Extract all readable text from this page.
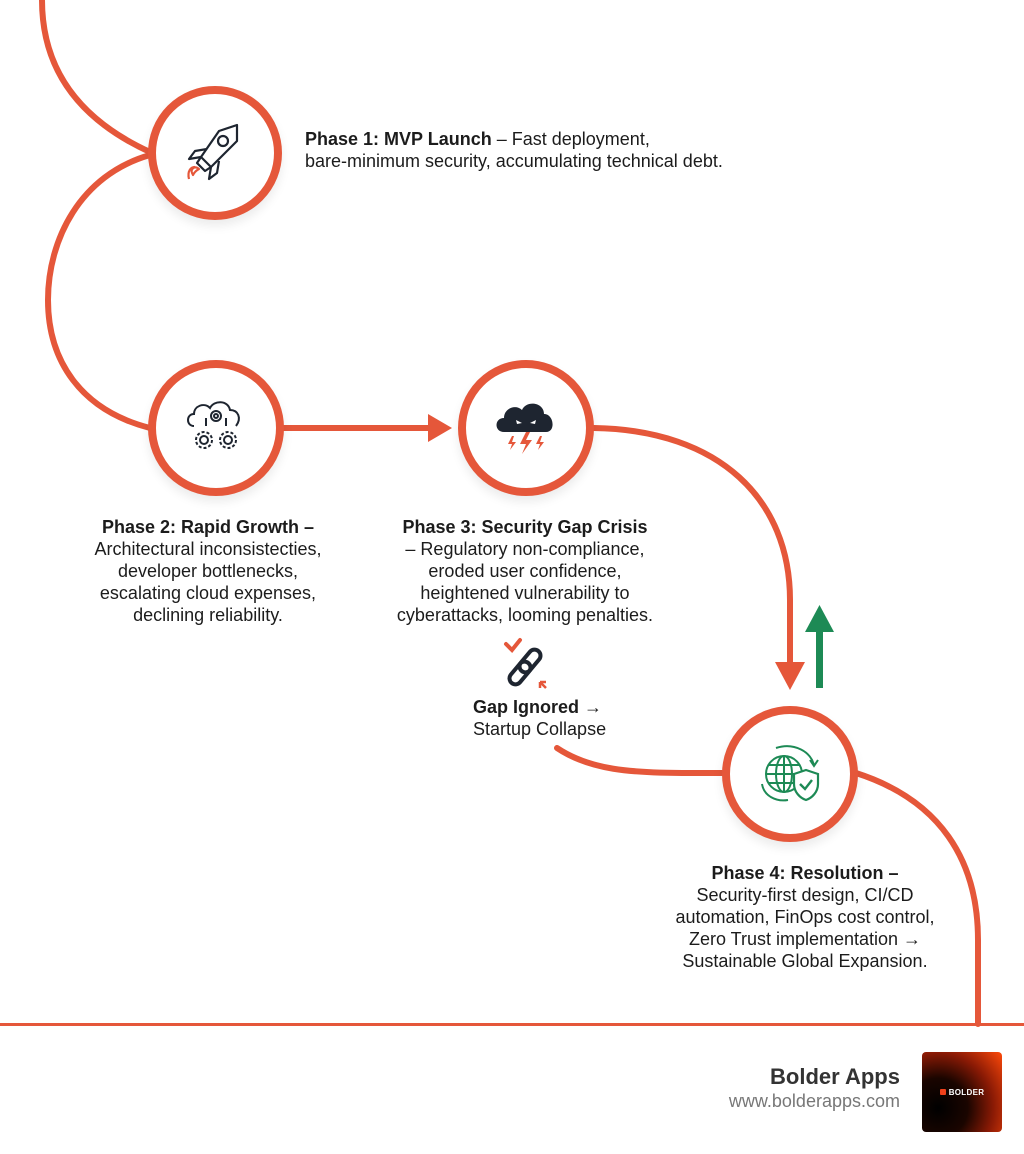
Phase 1: MVP Launch – Fast deployment,
bare-minimum security, accumulating technical debt.
Phase 2: Rapid Growth –
Architectural inconsistecties,
developer bottlenecks,
escalating cloud expenses,
declining reliability.
Phase 3: Security Gap Crisis
– Regulatory non-compliance,
eroded user confidence,
heightened vulnerability to
cyberattacks, looming penalties.
Gap Ignored →
Startup Collapse
Phase 4: Resolution –
Security-first design, CI/CD
automation, FinOps cost control,
Zero Trust implementation →
Sustainable Global Expansion.
Bolder Apps
www.bolderapps.com	BOLDER
